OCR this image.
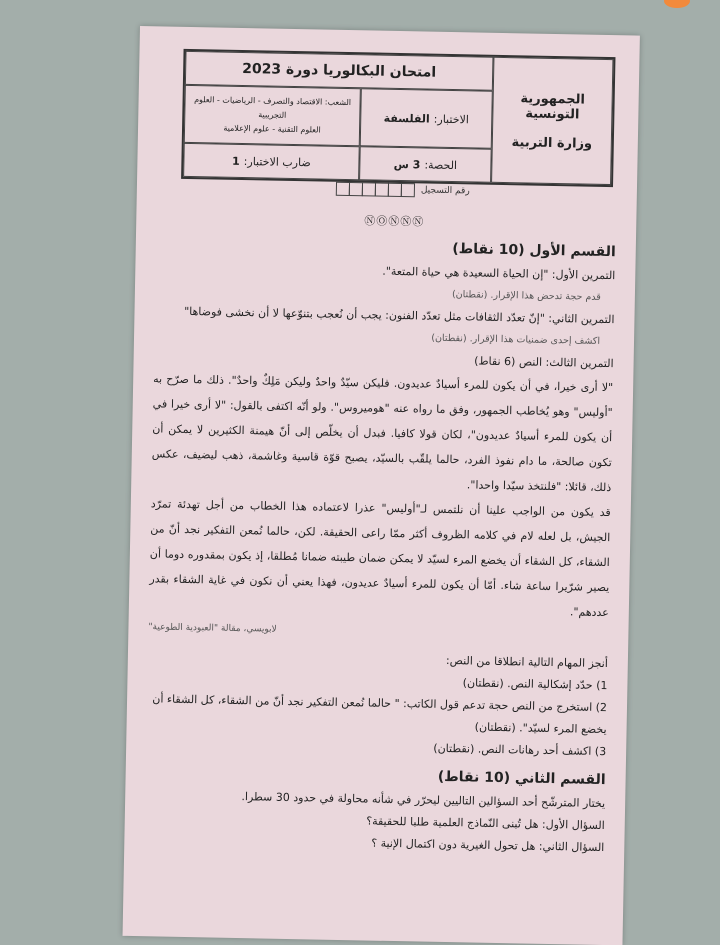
امتحان البكالوريا دورة 2023
الجمهورية التونسية
وزارة التربية
الشعب: الاقتصاد والتصرف - الرياضيات - العلوم التجريبية
العلوم التقنية - علوم الإعلامية
الاختبار:
الفلسفة
ضارب الاختبار:
1	الحصة:
3 س
رقم التسجيل
ⓃⓄⓃⓃⓃ

القسم الأول (10 نقاط)

التمرين الأول: "إن الحياة السعيدة هي حياة المتعة".

قدم حجة تدحض هذا الإقرار. (نقطتان)

التمرين الثاني: "إنّ تعدّد الثقافات مثل تعدّد الفنون: يجب أن نُعجب بتنوّعها لا أن نخشى فوضاها"

اكشف إحدى ضمنيات هذا الإقرار. (نقطتان)

التمرين الثالث: النص (6 نقاط)

"لا أرى خيرا، في أن يكون للمرء أسيادٌ عديدون. فليكن سيّدٌ واحدٌ وليكن مَلِكٌ واحدٌ". ذلك ما صرّح به "أوليس" وهو يُخاطب الجمهور، وفق ما رواه عنه "هوميروس". ولو أنّه اكتفى بالقول: "لا أرى خيرا في أن يكون للمرء أسيادٌ عديدون"، لكان قولا كافيا. فبدل أن يخلّص إلى أنّ هيمنة الكثيرين لا يمكن أن تكون صالحة، ما دام نفوذ الفرد، حالما يلقّب بالسيّد، يصبح قوّة قاسية وغاشمة، ذهب ليضيف، عكس ذلك، قائلا: "فلنتخذ سيّدا واحدا".

قد يكون من الواجب علينا أن نلتمس لـ"أوليس" عذرا لاعتماده هذا الخطاب من أجل تهدئة تمرّد الجيش، بل لعله لام في كلامه الظروف أكثر ممّا راعى الحقيقة. لكن، حالما نُمعن التفكير نجد أنّ من الشقاء، كل الشقاء أن يخضع المرء لسيّد لا يمكن ضمان طيبته ضمانا مُطلقا، إذ يكون بمقدوره دوما أن يصير شرّيرا ساعة شاء. أمّا أن يكون للمرء أسيادٌ عديدون، فهذا يعني أن نكون في غاية الشقاء بقدر عددهم".

لابويسي، مقالة "العبودية الطوعية"

أنجز المهام التالية انطلاقا من النص:

1) حدّد إشكالية النص. (نقطتان)

2) استخرج من النص حجة تدعم قول الكاتب: " حالما نُمعن التفكير نجد أنّ من الشقاء، كل الشقاء أن يخضع المرء لسيّد". (نقطتان)

3) اكشف أحد رهانات النص. (نقطتان)

القسم الثاني (10 نقاط)

يختار المترشّح أحد السؤالين التاليين ليحرّر في شأنه محاولة في حدود 30 سطرا.

السؤال الأول: هل تُبنى النّماذج العلمية طلبا للحقيقة؟

السؤال الثاني: هل تحول الغيرية دون اكتمال الإنية ؟
